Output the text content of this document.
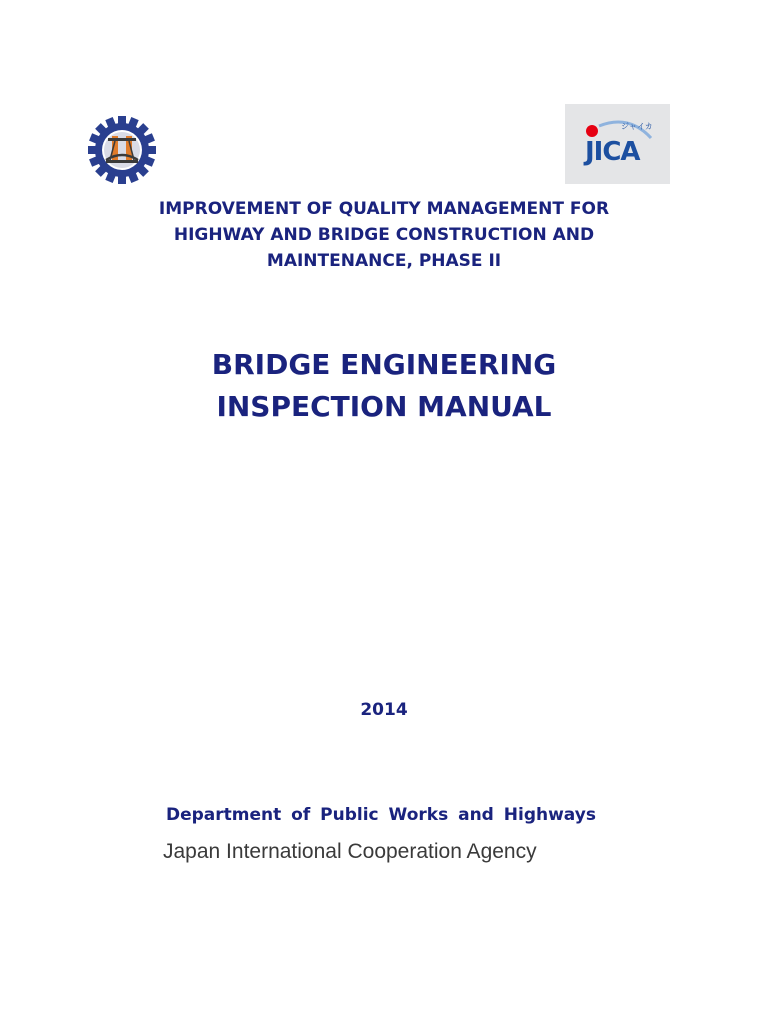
ジャイカ
JICA
IMPROVEMENT OF QUALITY MANAGEMENT FOR
HIGHWAY AND BRIDGE CONSTRUCTION AND
MAINTENANCE, PHASE II
BRIDGE ENGINEERING
INSPECTION MANUAL
2014
Department of Public Works and Highways
Japan International Cooperation Agency
